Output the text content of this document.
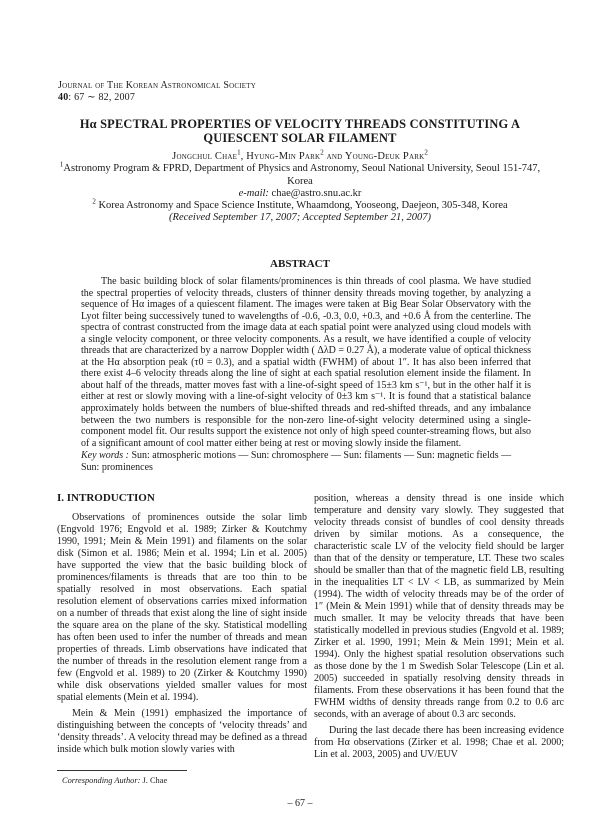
Journal of The Korean Astronomical Society
40: 67 ∼ 82, 2007
Hα SPECTRAL PROPERTIES OF VELOCITY THREADS CONSTITUTING A
QUIESCENT SOLAR FILAMENT
Jongchul Chae$^1$, Hyung-Min Park$^2$ and Young-Deuk Park$^2$
$^1$Astronomy Program & FPRD, Department of Physics and Astronomy, Seoul National University, Seoul 151-747,
Korea
e-mail: chae@astro.snu.ac.kr
$^2$ Korea Astronomy and Space Science Institute, Whaamdong, Yooseong, Daejeon, 305-348, Korea
(Received September 17, 2007; Accepted September 21, 2007)
ABSTRACT

The basic building block of solar filaments/prominences is thin threads of cool plasma. We have studied the spectral properties of velocity threads, clusters of thinner density threads moving together, by analyzing a sequence of Hα images of a quiescent filament. The images were taken at Big Bear Solar Observatory with the Lyot filter being successively tuned to wavelengths of -0.6, -0.3, 0.0, +0.3, and +0.6 Å from the centerline. The spectra of contrast constructed from the image data at each spatial point were analyzed using cloud models with a single velocity component, or three velocity components. As a result, we have identified a couple of velocity threads that are characterized by a narrow Doppler width ( ΔλD = 0.27 Å), a moderate value of optical thickness at the Hα absorption peak (τ0 = 0.3), and a spatial width (FWHM) of about 1″. It has also been inferred that there exist 4–6 velocity threads along the line of sight at each spatial resolution element inside the filament. In about half of the threads, matter moves fast with a line-of-sight speed of 15±3 km s⁻¹, but in the other half it is either at rest or slowly moving with a line-of-sight velocity of 0±3 km s⁻¹. It is found that a statistical balance approximately holds between the numbers of blue-shifted threads and red-shifted threads, and any imbalance between the two numbers is responsible for the non-zero line-of-sight velocity determined using a single-component model fit. Our results support the existence not only of high speed counter-streaming flows, but also of a significant amount of cool matter either being at rest or moving slowly inside the filament.

Key words : Sun: atmospheric motions — Sun: chromosphere — Sun: filaments — Sun: magnetic fields — Sun: prominences

I. INTRODUCTION

Observations of prominences outside the solar limb (Engvold 1976; Engvold et al. 1989; Zirker & Koutchmy 1990, 1991; Mein & Mein 1991) and filaments on the solar disk (Simon et al. 1986; Mein et al. 1994; Lin et al. 2005) have supported the view that the basic building block of prominences/filaments is threads that are too thin to be spatially resolved in most observations. Each spatial resolution element of observations carries mixed information on a number of threads that exist along the line of sight inside the square area on the plane of the sky. Statistical modelling has often been used to infer the number of threads and mean properties of threads. Limb observations have indicated that the number of threads in the resolution element range from a few (Engvold et al. 1989) to 20 (Zirker & Koutchmy 1990) while disk observations yielded smaller values for most spatial elements (Mein et al. 1994).

Mein & Mein (1991) emphasized the importance of distinguishing between the concepts of ‘velocity threads’ and ‘density threads’. A velocity thread may be defined as a thread inside which bulk motion slowly varies with

position, whereas a density thread is one inside which temperature and density vary slowly. They suggested that velocity threads consist of bundles of cool density threads driven by similar motions. As a consequence, the characteristic scale LV of the velocity field should be larger than that of the density or temperature, LT. These two scales should be smaller than that of the magnetic field LB, resulting in the inequalities LT < LV < LB, as summarized by Mein (1994). The width of velocity threads may be of the order of 1″ (Mein & Mein 1991) while that of density threads may be much smaller. It may be velocity threads that have been statistically modelled in previous studies (Engvold et al. 1989; Zirker et al. 1990, 1991; Mein & Mein 1991; Mein et al. 1994). Only the highest spatial resolution observations such as those done by the 1 m Swedish Solar Telescope (Lin et al. 2005) succeeded in spatially resolving density threads in filaments. From these observations it has been found that the FWHM widths of density threads range from 0.2 to 0.6 arc seconds, with an average of about 0.3 arc seconds.

During the last decade there has been increasing evidence from Hα observations (Zirker et al. 1998; Chae et al. 2000; Lin et al. 2003, 2005) and UV/EUV

Corresponding Author: J. Chae
– 67 –
